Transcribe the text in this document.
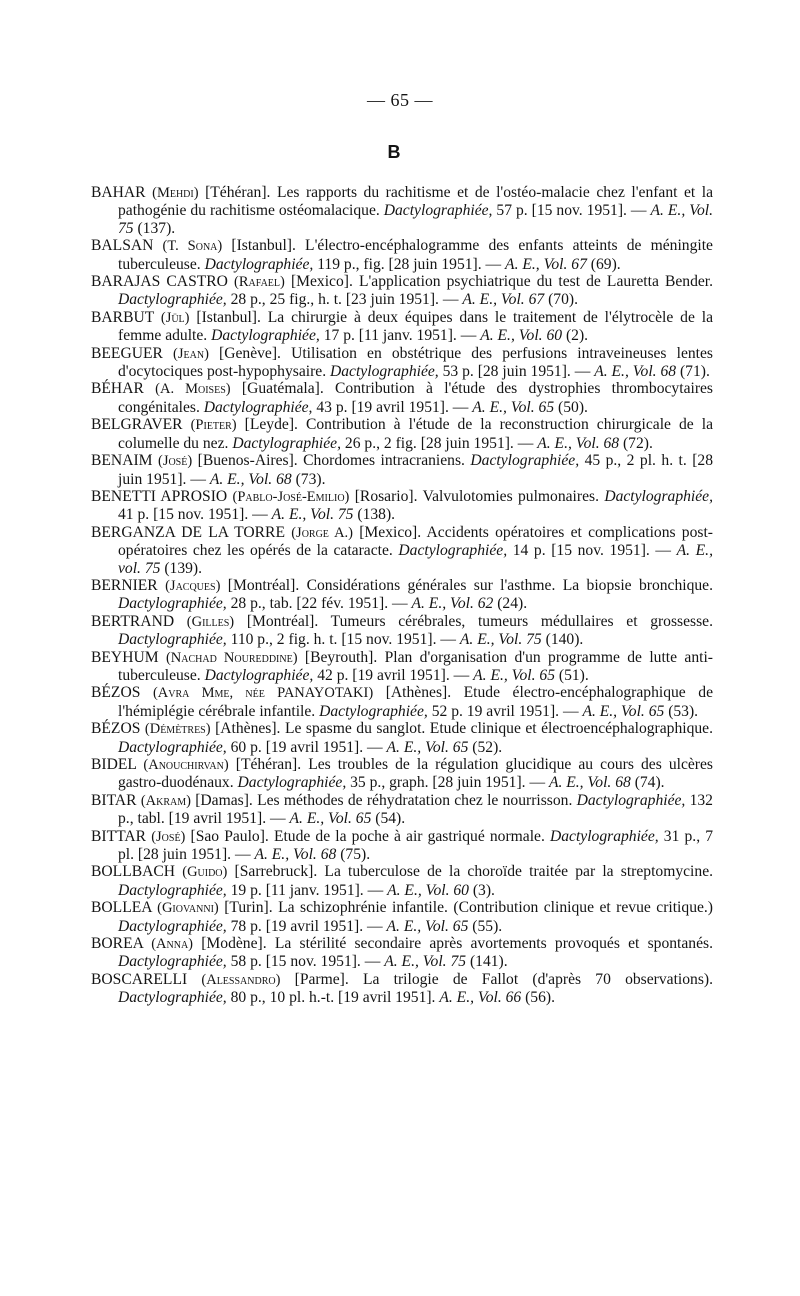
— 65 —
B

BAHAR (Mehdi) [Téhéran]. Les rapports du rachitisme et de l'ostéo-malacie chez l'enfant et la pathogénie du rachitisme ostéomalacique. Dactylographiée, 57 p. [15 nov. 1951]. — A. E., Vol. 75 (137).

BALSAN (T. Sona) [Istanbul]. L'électro-encéphalogramme des enfants atteints de méningite tuberculeuse. Dactylographiée, 119 p., fig. [28 juin 1951]. — A. E., Vol. 67 (69).

BARAJAS CASTRO (Rafael) [Mexico]. L'application psychiatrique du test de Lauretta Bender. Dactylographiée, 28 p., 25 fig., h. t. [23 juin 1951]. — A. E., Vol. 67 (70).

BARBUT (Jül) [Istanbul]. La chirurgie à deux équipes dans le traitement de l'élytrocèle de la femme adulte. Dactylographiée, 17 p. [11 janv. 1951]. — A. E., Vol. 60 (2).

BEEGUER (Jean) [Genève]. Utilisation en obstétrique des perfusions intraveineuses lentes d'ocytociques post-hypophysaire. Dactylographiée, 53 p. [28 juin 1951]. — A. E., Vol. 68 (71).

BÉHAR (A. Moises) [Guatémala]. Contribution à l'étude des dystrophies thrombocytaires congénitales. Dactylographiée, 43 p. [19 avril 1951]. — A. E., Vol. 65 (50).

BELGRAVER (Pieter) [Leyde]. Contribution à l'étude de la reconstruction chirurgicale de la columelle du nez. Dactylographiée, 26 p., 2 fig. [28 juin 1951]. — A. E., Vol. 68 (72).

BENAIM (José) [Buenos-Aires]. Chordomes intracraniens. Dactylographiée, 45 p., 2 pl. h. t. [28 juin 1951]. — A. E., Vol. 68 (73).

BENETTI APROSIO (Pablo-José-Emilio) [Rosario]. Valvulotomies pulmonaires. Dactylographiée, 41 p. [15 nov. 1951]. — A. E., Vol. 75 (138).

BERGANZA DE LA TORRE (Jorge A.) [Mexico]. Accidents opératoires et complications post-opératoires chez les opérés de la cataracte. Dactylographiée, 14 p. [15 nov. 1951]. — A. E., vol. 75 (139).

BERNIER (Jacques) [Montréal]. Considérations générales sur l'asthme. La biopsie bronchique. Dactylographiée, 28 p., tab. [22 fév. 1951]. — A. E., Vol. 62 (24).

BERTRAND (Gilles) [Montréal]. Tumeurs cérébrales, tumeurs médullaires et grossesse. Dactylographiée, 110 p., 2 fig. h. t. [15 nov. 1951]. — A. E., Vol. 75 (140).

BEYHUM (Nachad Noureddine) [Beyrouth]. Plan d'organisation d'un programme de lutte anti-tuberculeuse. Dactylographiée, 42 p. [19 avril 1951]. — A. E., Vol. 65 (51).

BÉZOS (Avra Mme, née PANAYOTAKI) [Athènes]. Etude électro-encéphalographique de l'hémiplégie cérébrale infantile. Dactylographiée, 52 p. 19 avril 1951]. — A. E., Vol. 65 (53).

BÉZOS (Démètres) [Athènes]. Le spasme du sanglot. Etude clinique et électroencéphalographique. Dactylographiée, 60 p. [19 avril 1951]. — A. E., Vol. 65 (52).

BIDEL (Anouchirvan) [Téhéran]. Les troubles de la régulation glucidique au cours des ulcères gastro-duodénaux. Dactylographiée, 35 p., graph. [28 juin 1951]. — A. E., Vol. 68 (74).

BITAR (Akram) [Damas]. Les méthodes de réhydratation chez le nourrisson. Dactylographiée, 132 p., tabl. [19 avril 1951]. — A. E., Vol. 65 (54).

BITTAR (José) [Sao Paulo]. Etude de la poche à air gastriqué normale. Dactylographiée, 31 p., 7 pl. [28 juin 1951]. — A. E., Vol. 68 (75).

BOLLBACH (Guido) [Sarrebruck]. La tuberculose de la choroïde traitée par la streptomycine. Dactylographiée, 19 p. [11 janv. 1951]. — A. E., Vol. 60 (3).

BOLLEA (Giovanni) [Turin]. La schizophrénie infantile. (Contribution clinique et revue critique.) Dactylographiée, 78 p. [19 avril 1951]. — A. E., Vol. 65 (55).

BOREA (Anna) [Modène]. La stérilité secondaire après avortements provoqués et spontanés. Dactylographiée, 58 p. [15 nov. 1951]. — A. E., Vol. 75 (141).

BOSCARELLI (Alessandro) [Parme]. La trilogie de Fallot (d'après 70 observations). Dactylographiée, 80 p., 10 pl. h.-t. [19 avril 1951]. A. E., Vol. 66 (56).
